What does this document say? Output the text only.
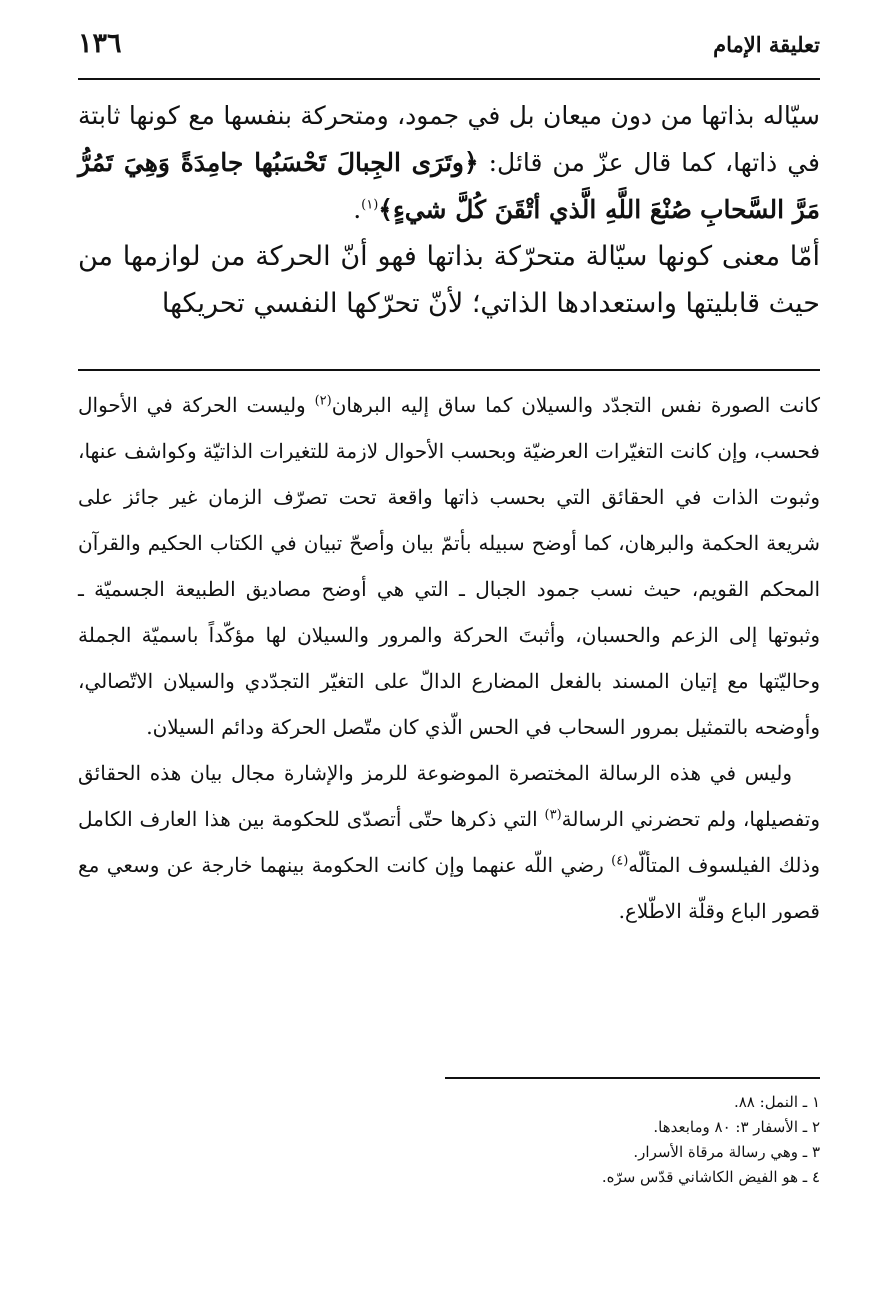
تعليقة الإمام
١٣٦

سيّاله بذاتها من دون ميعان بل في جمود، ومتحركة بنفسها مع كونها ثابتة في ذاتها، كما قال عزّ من قائل: ﴿وتَرَى الجِبالَ تَحْسَبُها جامِدَةً وَهِيَ تَمُرُّ مَرَّ السَّحابِ صُنْعَ اللَّهِ الَّذي أتْقَنَ كُلَّ شيءٍ﴾$^{(١)}$.

أمّا معنى كونها سيّالة متحرّكة بذاتها فهو أنّ الحركة من لوازمها من حيث قابليتها واستعدادها الذاتي؛ لأنّ تحرّكها النفسي تحريكها

كانت الصورة نفس التجدّد والسيلان كما ساق إليه البرهان$^{(٢)}$ وليست الحركة في الأحوال فحسب، وإن كانت التغيّرات العرضيّة وبحسب الأحوال لازمة للتغيرات الذاتيّة وكواشف عنها، وثبوت الذات في الحقائق التي بحسب ذاتها واقعة تحت تصرّف الزمان غير جائز على شريعة الحكمة والبرهان، كما أوضح سبيله بأتمّ بيان وأصحّ تبيان في الكتاب الحكيم والقرآن المحكم القويم، حيث نسب جمود الجبال ـ التي هي أوضح مصاديق الطبيعة الجسميّة ـ وثبوتها إلى الزعم والحسبان، وأثبتَ الحركة والمرور والسيلان لها مؤكّداً باسميّة الجملة وحاليّتها مع إتيان المسند بالفعل المضارع الدالّ على التغيّر التجدّدي والسيلان الاتّصالي، وأوضحه بالتمثيل بمرور السحاب في الحس الّذي كان متّصل الحركة ودائم السيلان.

وليس في هذه الرسالة المختصرة الموضوعة للرمز والإشارة مجال بيان هذه الحقائق وتفصيلها، ولم تحضرني الرسالة$^{(٣)}$ التي ذكرها حتّى أتصدّى للحكومة بين هذا العارف الكامل وذلك الفيلسوف المتألّه$^{(٤)}$ رضي اللّه عنهما وإن كانت الحكومة بينهما خارجة عن وسعي مع قصور الباع وقلّة الاطّلاع.

١ ـ النمل: ٨٨.
٢ ـ الأسفار ٣: ٨٠ ومابعدها.
٣ ـ وهي رسالة مرقاة الأسرار.
٤ ـ هو الفيض الكاشاني قدّس سرّه.
